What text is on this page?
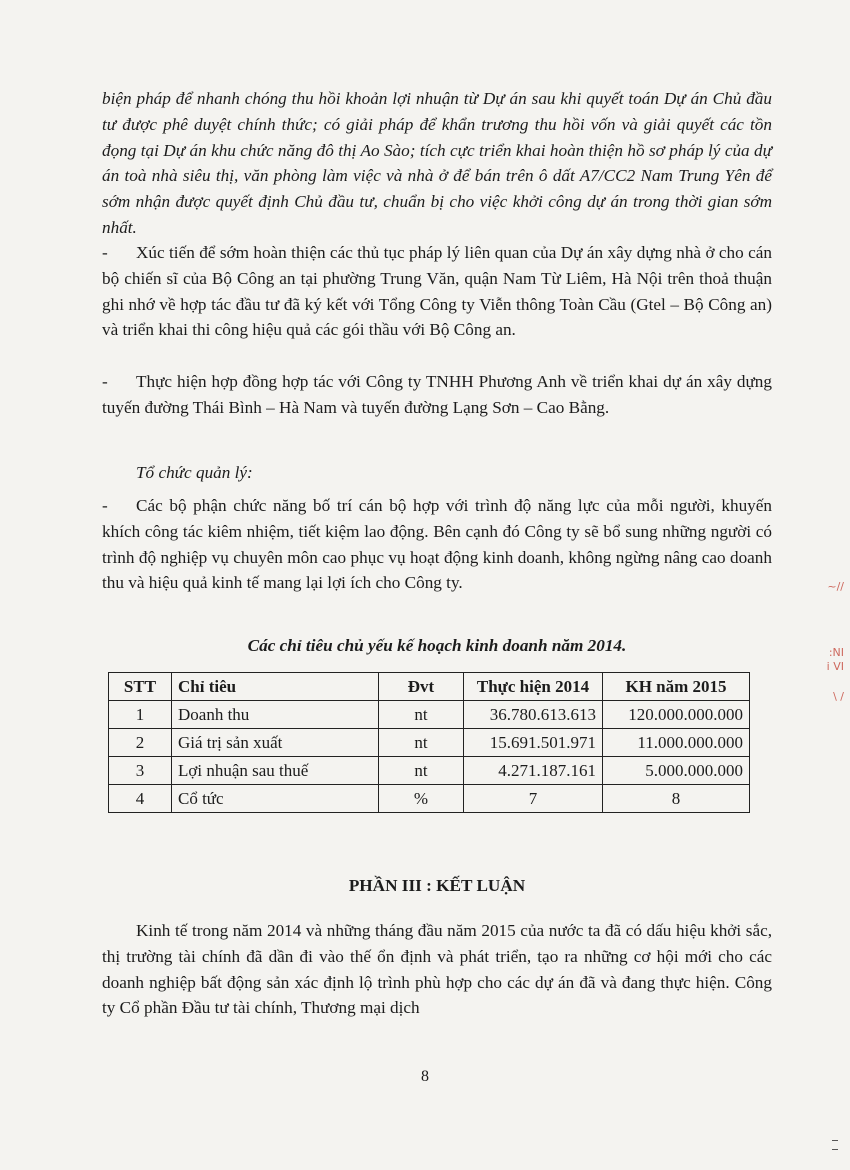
biện pháp để nhanh chóng thu hồi khoản lợi nhuận từ Dự án sau khi quyết toán Dự án Chủ đầu tư được phê duyệt chính thức; có giải pháp để khẩn trương thu hồi vốn và giải quyết các tồn đọng tại Dự án khu chức năng đô thị Ao Sào; tích cực triển khai hoàn thiện hồ sơ pháp lý của dự án toà nhà siêu thị, văn phòng làm việc và nhà ở để bán trên ô dất A7/CC2 Nam Trung Yên để sớm nhận được quyết định Chủ đầu tư, chuẩn bị cho việc khởi công dự án trong thời gian sớm nhất.

- Xúc tiến để sớm hoàn thiện các thủ tục pháp lý liên quan của Dự án xây dựng nhà ở cho cán bộ chiến sĩ của Bộ Công an tại phường Trung Văn, quận Nam Từ Liêm, Hà Nội trên thoả thuận ghi nhớ về hợp tác đầu tư đã ký kết với Tổng Công ty Viễn thông Toàn Cầu (Gtel – Bộ Công an) và triển khai thi công hiệu quả các gói thầu với Bộ Công an.

- Thực hiện hợp đồng hợp tác với Công ty TNHH Phương Anh về triển khai dự án xây dựng tuyến đường Thái Bình – Hà Nam và tuyến đường Lạng Sơn – Cao Bằng.

Tổ chức quản lý:

- Các bộ phận chức năng bố trí cán bộ hợp với trình độ năng lực của mỗi người, khuyến khích công tác kiêm nhiệm, tiết kiệm lao động. Bên cạnh đó Công ty sẽ bổ sung những người có trình độ nghiệp vụ chuyên môn cao phục vụ hoạt động kinh doanh, không ngừng nâng cao doanh thu và hiệu quả kinh tế mang lại lợi ích cho Công ty.

Các chỉ tiêu chủ yếu kế hoạch kinh doanh năm 2014.
STT	Chỉ tiêu	Đvt	Thực hiện 2014	KH năm 2015
1	Doanh thu	nt	36.780.613.613	120.000.000.000
2	Giá trị sản xuất	nt	15.691.501.971	11.000.000.000
3	Lợi nhuận sau thuế	nt	4.271.187.161	5.000.000.000
4	Cổ tức	%	7	8
PHẦN III : KẾT LUẬN

Kinh tế trong năm 2014 và những tháng đầu năm 2015 của nước ta đã có dấu hiệu khởi sắc, thị trường tài chính đã dần đi vào thế ổn định và phát triển, tạo ra những cơ hội mới cho các doanh nghiệp bất động sản xác định lộ trình phù hợp cho các dự án đã và đang thực hiện. Công ty Cổ phần Đầu tư tài chính, Thương mại dịch

8
~//
:NI
i VI
\ /
